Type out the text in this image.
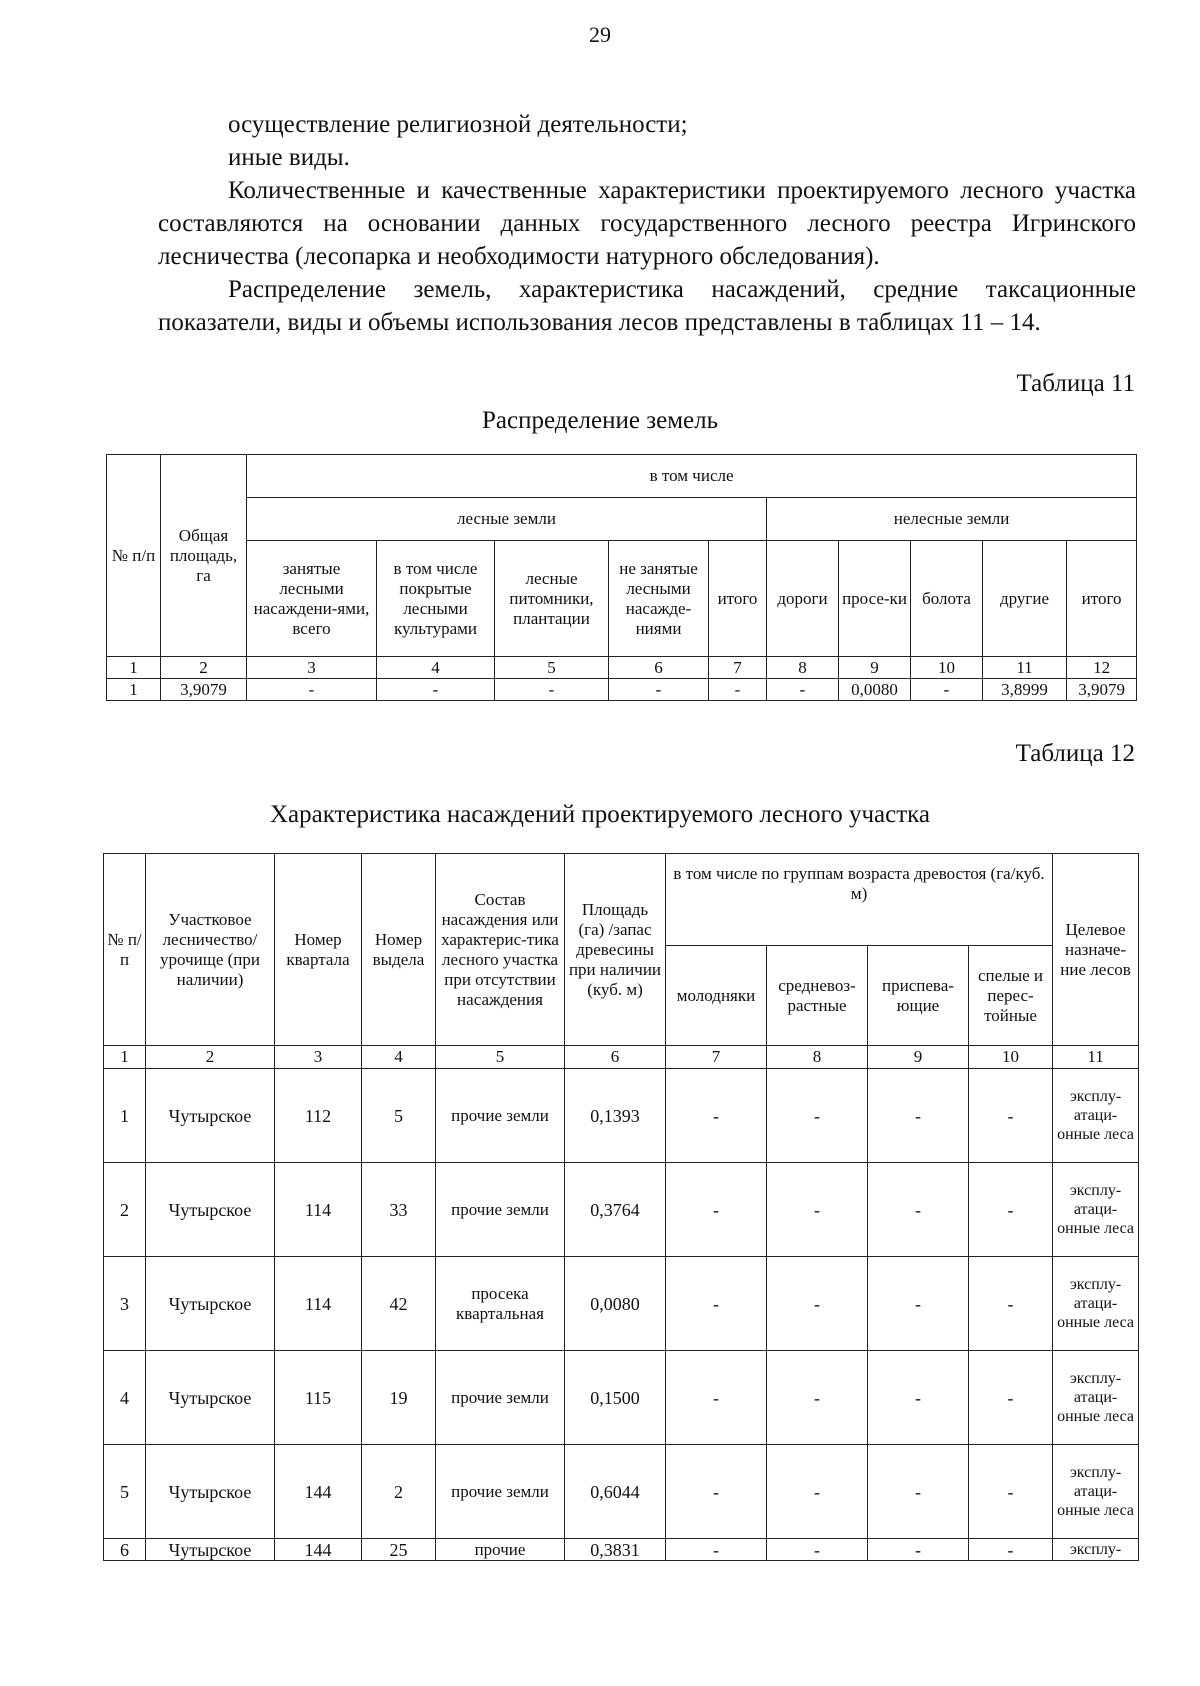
29

осуществление религиозной деятельности;

иные виды.

Количественные и качественные характеристики проектируемого лесного участка составляются на основании данных государственного лесного реестра Игринского лесничества (лесопарка и необходимости натурного обследования).

Распределение земель, характеристика насаждений, средние таксационные показатели, виды и объемы использования лесов представлены в таблицах 11 – 14.

Таблица 11
Распределение земель
№ п/п	Общая площадь, га	в том числе									
		лесные земли					нелесные земли				
		занятые лесными насаждени-ями, всего	в том числе покрытые лесными культурами	лесные питомники, плантации	не занятые лесными насажде-ниями	итого	дороги	просе-ки	болота	другие	итого
1	2	3	4	5	6	7	8	9	10	11	12
1	3,9079	-	-	-	-	-	-	0,0080	-	3,8999	3,9079
Таблица 12
Характеристика насаждений проектируемого лесного участка
№ п/п	Участковое лесничество/ урочище (при наличии)	Номер квартала	Номер выдела	Состав насаждения или характерис-тика лесного участка при отсутствии насаждения	Площадь (га) /запас древесины при наличии (куб. м)	в том числе по группам возраста древостоя (га/куб. м)				Целевое назначе-ние лесов
						молодняки	средневоз-растные	приспева-ющие	спелые и перес-тойные	
1	2	3	4	5	6	7	8	9	10	11
1	Чутырское	112	5	прочие земли	0,1393	-	-	-	-	эксплу-атаци-онные леса
2	Чутырское	114	33	прочие земли	0,3764	-	-	-	-	эксплу-атаци-онные леса
3	Чутырское	114	42	просека квартальная	0,0080	-	-	-	-	эксплу-атаци-онные леса
4	Чутырское	115	19	прочие земли	0,1500	-	-	-	-	эксплу-атаци-онные леса
5	Чутырское	144	2	прочие земли	0,6044	-	-	-	-	эксплу-атаци-онные леса
6	Чутырское	144	25	прочие	0,3831	-	-	-	-	эксплу-
